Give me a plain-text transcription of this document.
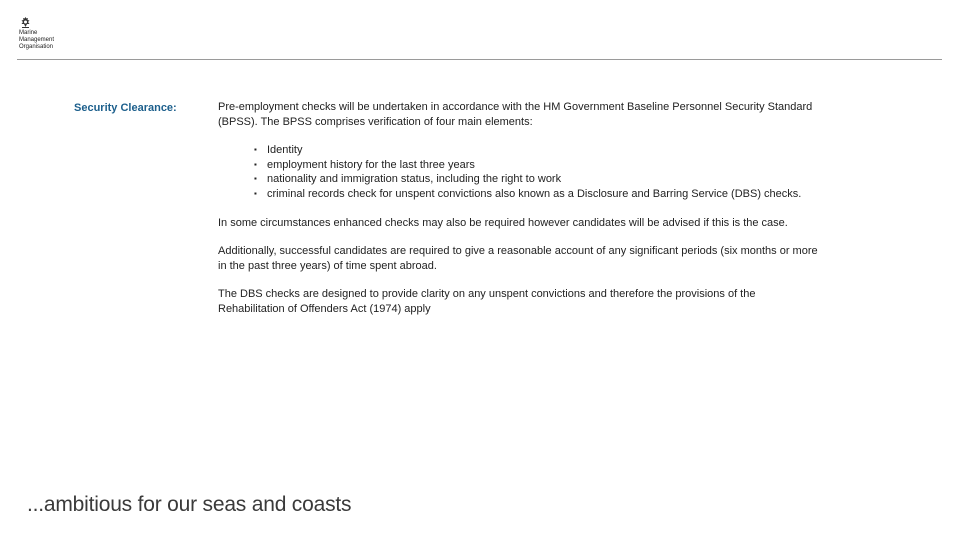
Marine
Management
Organisation
Security Clearance:	Pre-employment checks will be undertaken in accordance with the HM Government Baseline Personnel Security Standard (BPSS). The BPSS comprises verification of four main elements:

▪ Identity
▪ employment history for the last three years
▪ nationality and immigration status, including the right to work
▪ criminal records check for unspent convictions also known as a Disclosure and Barring Service (DBS) checks.

In some circumstances enhanced checks may also be required however candidates will be advised if this is the case.

Additionally, successful candidates are required to give a reasonable account of any significant periods (six months or more in the past three years) of time spent abroad.

The DBS checks are designed to provide clarity on any unspent convictions and therefore the provisions of the Rehabilitation of Offenders Act (1974) apply

...ambitious for our seas and coasts
